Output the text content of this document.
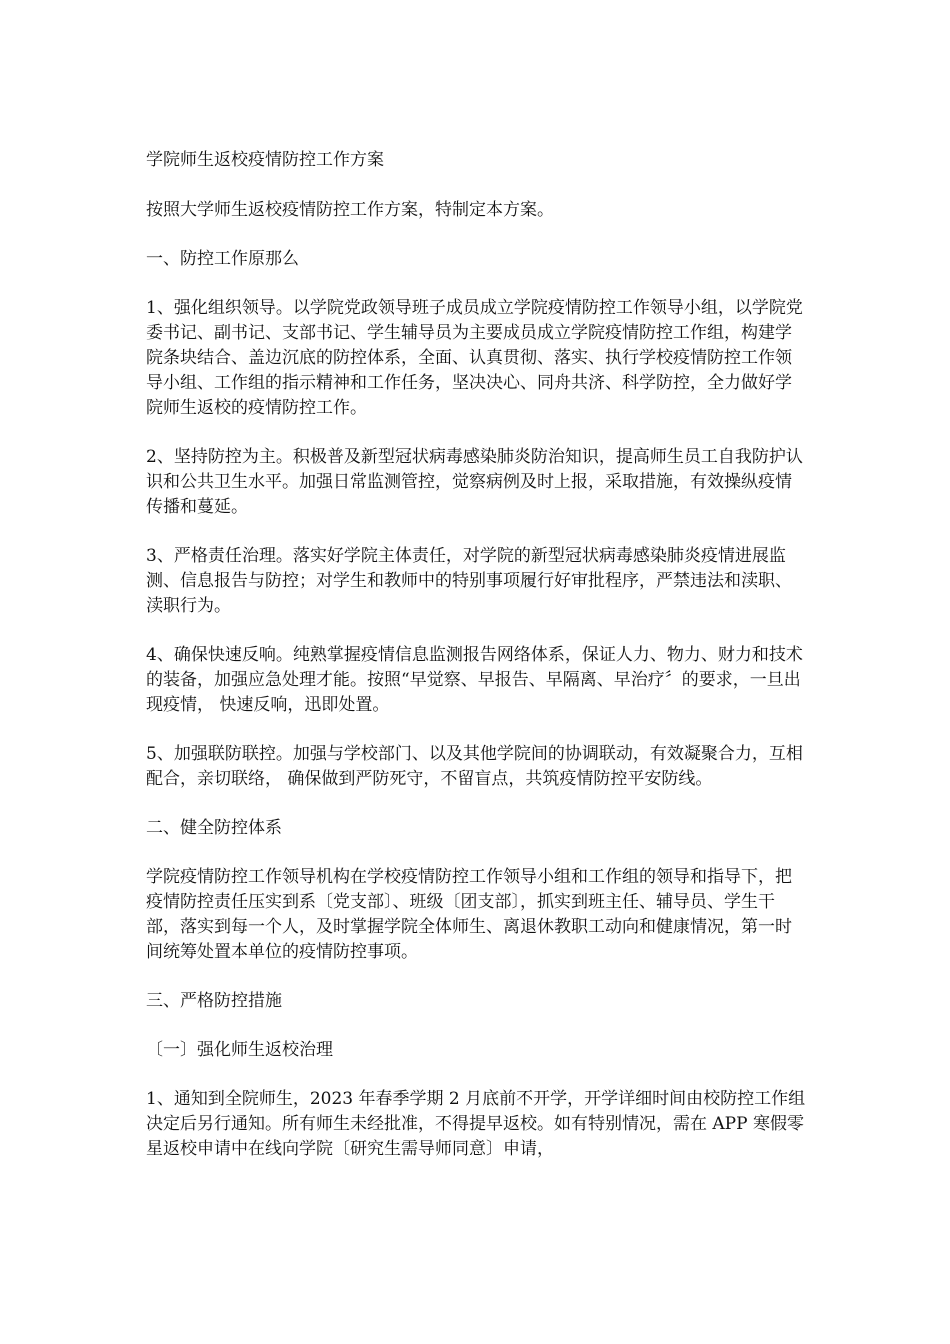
学院师生返校疫情防控工作方案

按照大学师生返校疫情防控工作方案，特制定本方案。

一、防控工作原那么

1、强化组织领导。以学院党政领导班子成员成立学院疫情防控工作领导小组，以学院党委书记、副书记、支部书记、学生辅导员为主要成员成立学院疫情防控工作组，构建学院条块结合、盖边沉底的防控体系，全面、认真贯彻、落实、执行学校疫情防控工作领导小组、工作组的指示精神和工作任务，坚决决心、同舟共济、科学防控，全力做好学院师生返校的疫情防控工作。

2、坚持防控为主。积极普及新型冠状病毒感染肺炎防治知识，提高师生员工自我防护认识和公共卫生水平。加强日常监测管控，觉察病例及时上报，采取措施，有效操纵疫情传播和蔓延。

3、严格责任治理。落实好学院主体责任，对学院的新型冠状病毒感染肺炎疫情进展监测、信息报告与防控；对学生和教师中的特别事项履行好审批程序，严禁违法和渎职、渎职行为。

4、确保快速反响。纯熟掌握疫情信息监测报告网络体系，保证人力、物力、财力和技术的装备，加强应急处理才能。按照“早觉察、早报告、早隔离、早治疗〞的要求，一旦出现疫情， 快速反响，迅即处置。

5、加强联防联控。加强与学校部门、以及其他学院间的协调联动，有效凝聚合力，互相配合，亲切联络， 确保做到严防死守，不留盲点，共筑疫情防控平安防线。

二、健全防控体系

学院疫情防控工作领导机构在学校疫情防控工作领导小组和工作组的领导和指导下，把疫情防控责任压实到系〔党支部〕、班级〔团支部〕，抓实到班主任、辅导员、学生干部，落实到每一个人，及时掌握学院全体师生、离退休教职工动向和健康情况，第一时间统筹处置本单位的疫情防控事项。

三、严格防控措施

〔一〕强化师生返校治理

1、通知到全院师生，2023 年春季学期 2 月底前不开学，开学详细时间由校防控工作组决定后另行通知。所有师生未经批准，不得提早返校。如有特别情况，需在 APP 寒假零星返校申请中在线向学院〔研究生需导师同意〕申请，
